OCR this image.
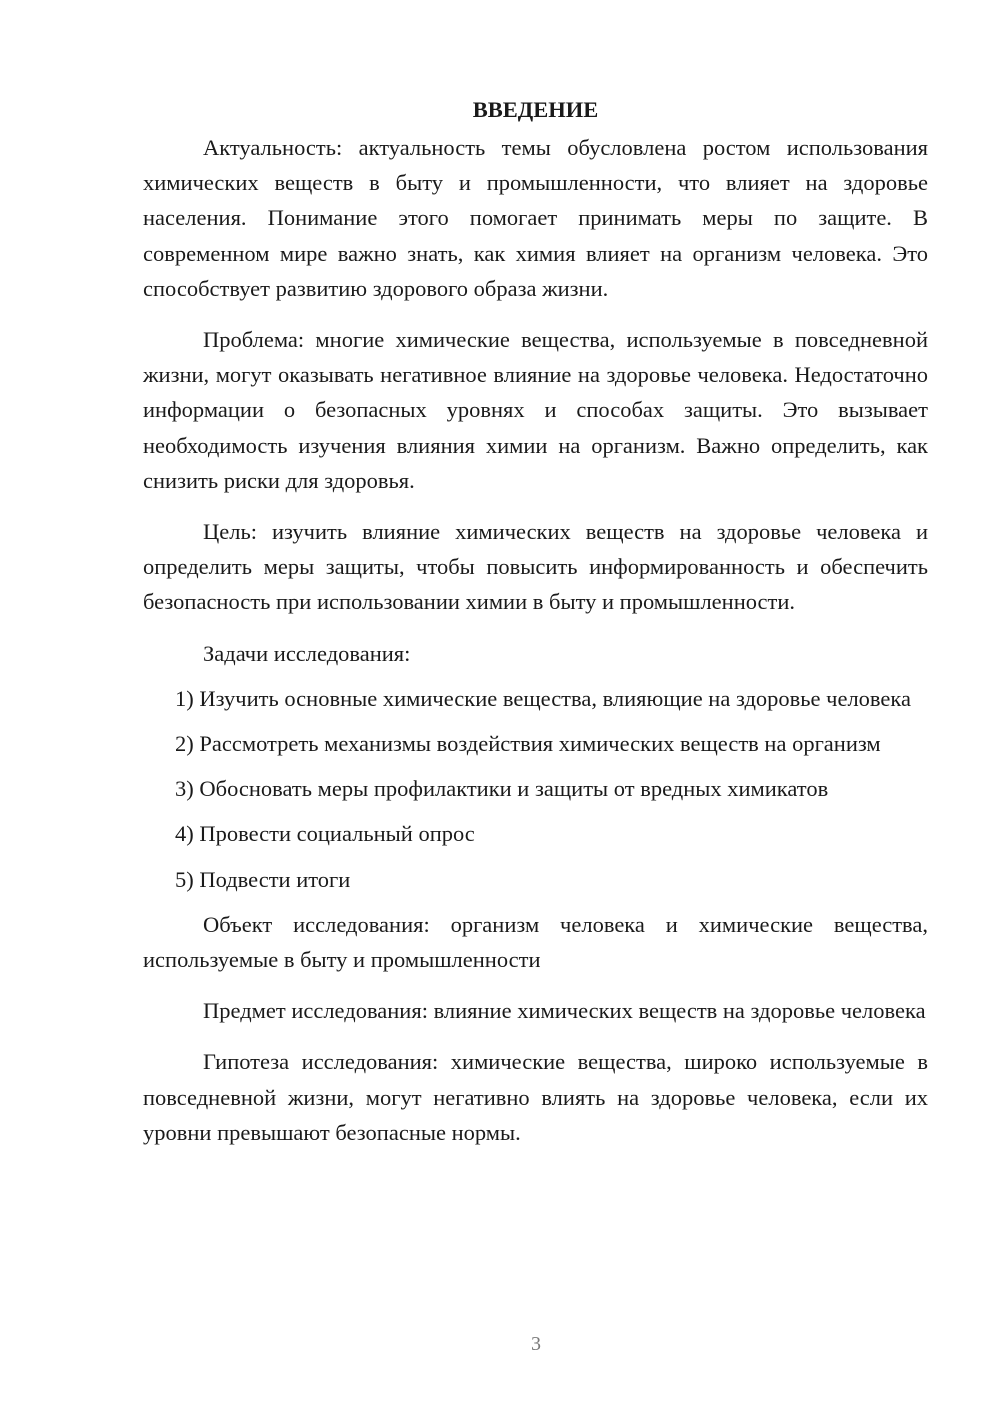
ВВЕДЕНИЕ

Актуальность: актуальность темы обусловлена ростом использования химических веществ в быту и промышленности, что влияет на здоровье населения. Понимание этого помогает принимать меры по защите. В современном мире важно знать, как химия влияет на организм человека. Это способствует развитию здорового образа жизни.

Проблема: многие химические вещества, используемые в повседневной жизни, могут оказывать негативное влияние на здоровье человека. Недостаточно информации о безопасных уровнях и способах защиты. Это вызывает необходимость изучения влияния химии на организм. Важно определить, как снизить риски для здоровья.

Цель: изучить влияние химических веществ на здоровье человека и определить меры защиты, чтобы повысить информированность и обеспечить безопасность при использовании химии в быту и промышленности.

Задачи исследования:

1) Изучить основные химические вещества, влияющие на здоровье человека

2) Рассмотреть механизмы воздействия химических веществ на организм

3) Обосновать меры профилактики и защиты от вредных химикатов

4) Провести социальный опрос

5) Подвести итоги

Объект исследования: организм человека и химические вещества, используемые в быту и промышленности

Предмет исследования: влияние химических веществ на здоровье человека

Гипотеза исследования: химические вещества, широко используемые в повседневной жизни, могут негативно влиять на здоровье человека, если их уровни превышают безопасные нормы.

3
